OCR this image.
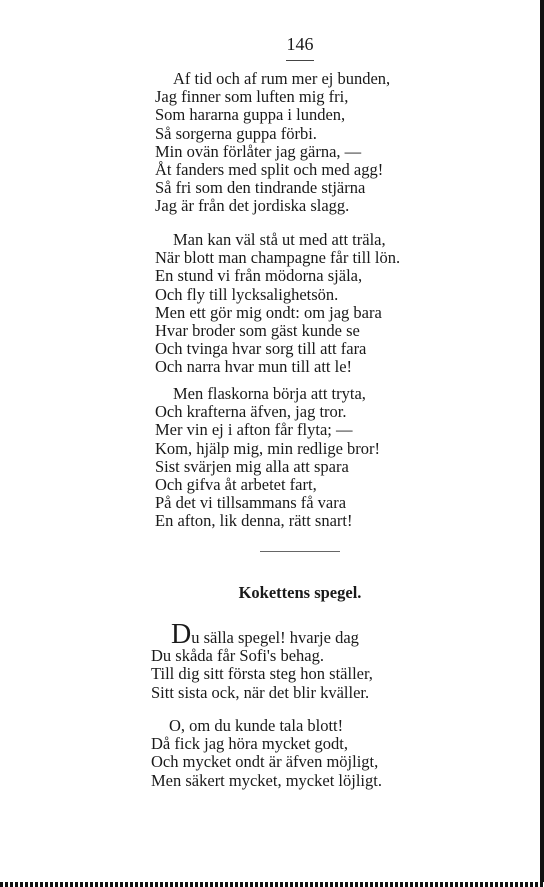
146
Af tid och af rum mer ej bunden,
Jag finner som luften mig fri,
Som hararna guppa i lunden,
Så sorgerna guppa förbi.
Min ovän förlåter jag gärna, —
Åt fanders med split och med agg!
Så fri som den tindrande stjärna
Jag är från det jordiska slagg.
Man kan väl stå ut med att träla,
När blott man champagne får till lön.
En stund vi från mödorna själa,
Och fly till lycksalighetsön.
Men ett gör mig ondt: om jag bara
Hvar broder som gäst kunde se
Och tvinga hvar sorg till att fara
Och narra hvar mun till att le!
Men flaskorna börja att tryta,
Och krafterna äfven, jag tror.
Mer vin ej i afton får flyta; —
Kom, hjälp mig, min redlige bror!
Sist svärjen mig alla att spara
Och gifva åt arbetet fart,
På det vi tillsammans få vara
En afton, lik denna, rätt snart!
Kokettens spegel.
Du sälla spegel! hvarje dag
Du skåda får Sofi's behag.
Till dig sitt första steg hon ställer,
Sitt sista ock, när det blir kväller.
O, om du kunde tala blott!
Då fick jag höra mycket godt,
Och mycket ondt är äfven möjligt,
Men säkert mycket, mycket löjligt.
